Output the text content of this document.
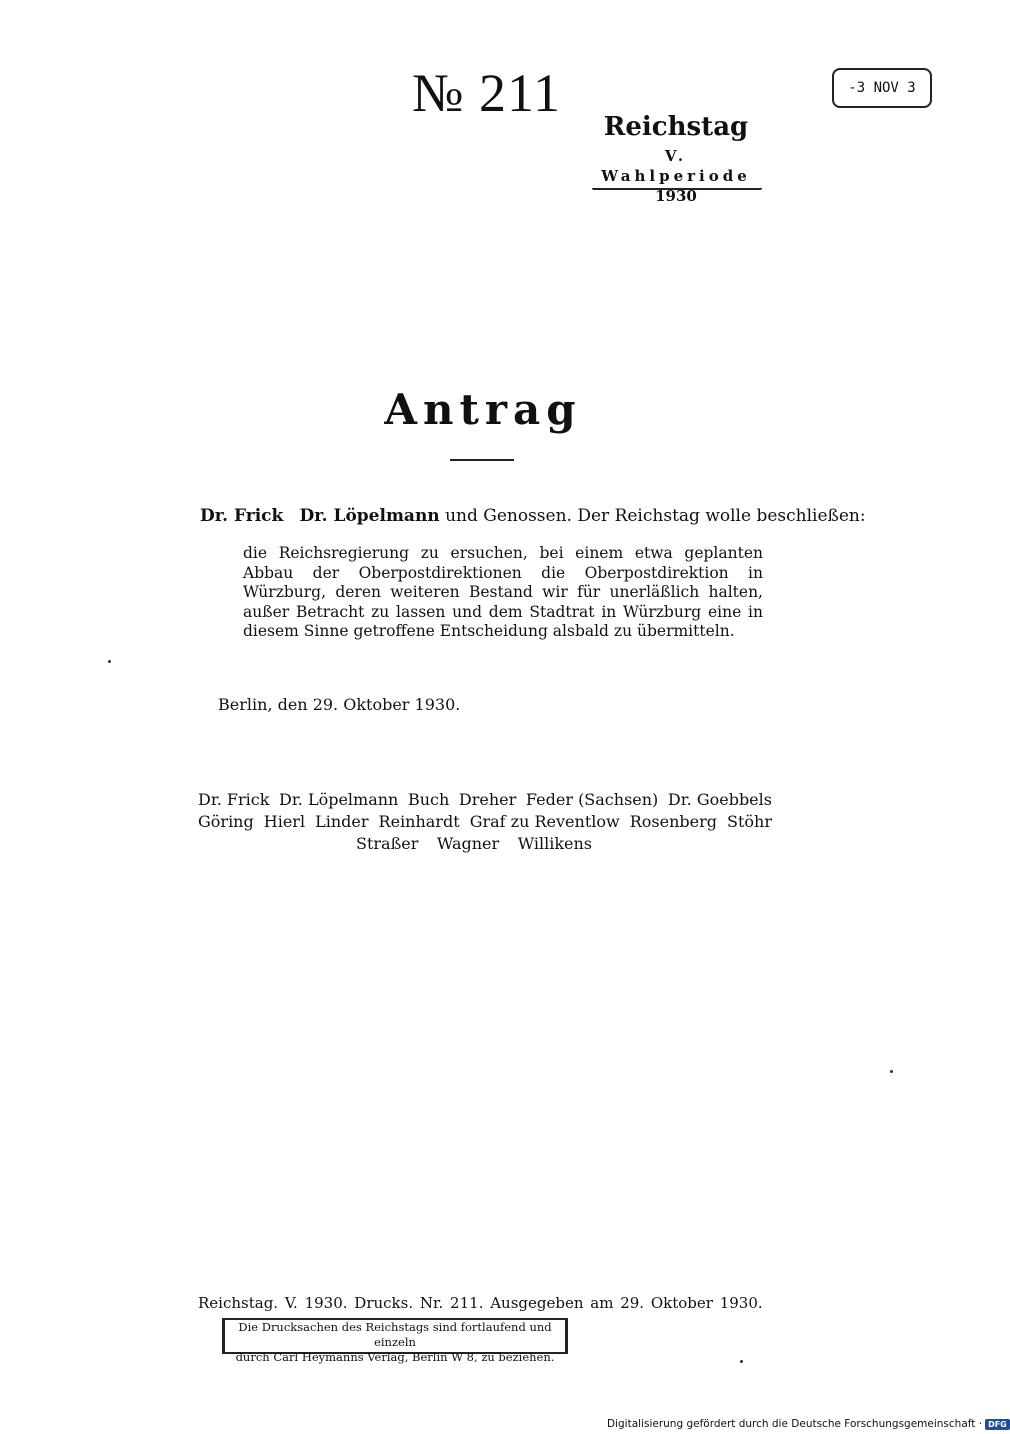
№ 211	-3 NOV 3
Reichstag
V. Wahlperiode
1930
Antrag
Dr. Frick Dr. Löpelmann und Genossen. Der Reichstag wolle beschließen:
die Reichsregierung zu ersuchen, bei einem etwa geplanten Abbau der Oberpostdirektionen die Oberpostdirektion in Würzburg, deren weiteren Bestand wir für unerläßlich halten, außer Betracht zu lassen und dem Stadtrat in Würzburg eine in diesem Sinne getroffene Entscheidung alsbald zu übermitteln.
Berlin, den 29. Oktober 1930.
Dr. Frick Dr. Löpelmann Buch Dreher Feder (Sachsen) Dr. Goebbels
Göring Hierl Linder Reinhardt Graf zu Reventlow Rosenberg Stöhr
Straßer Wagner Willikens
Reichstag. V. 1930. Drucks. Nr. 211. Ausgegeben am 29. Oktober 1930.
Die Drucksachen des Reichstags sind fortlaufend und einzeln
durch Carl Heymanns Verlag, Berlin W 8, zu beziehen.
Digitalisierung gefördert durch die Deutsche Forschungsgemeinschaft · DFG
